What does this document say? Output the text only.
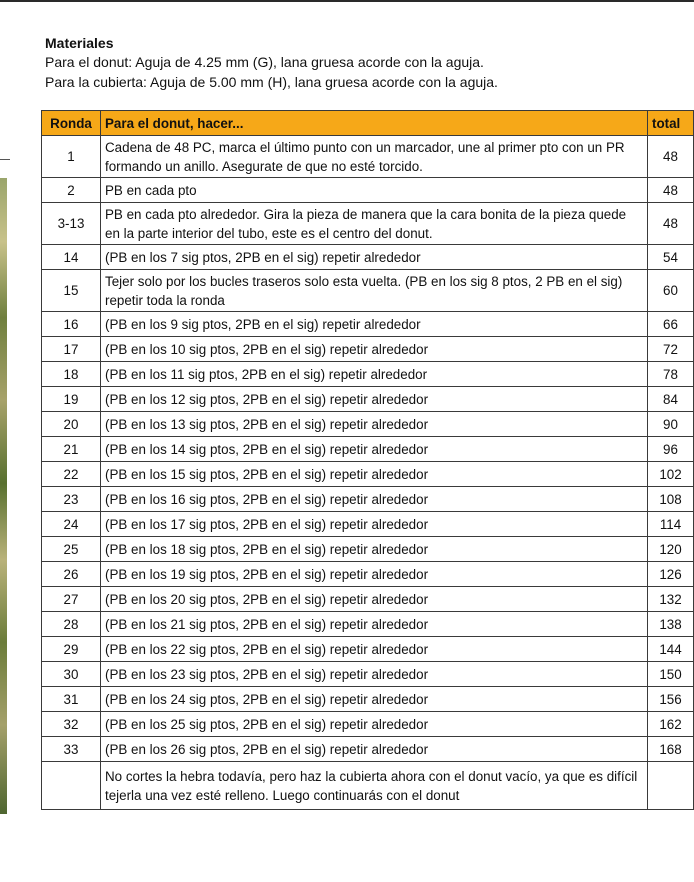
Materiales
Para el donut: Aguja de 4.25 mm (G), lana gruesa acorde con la aguja.
Para la cubierta: Aguja de 5.00 mm (H), lana gruesa acorde con la aguja.
Ronda	Para el donut, hacer...	total
1	Cadena de 48 PC, marca el último punto con un marcador, une al primer pto con un PR formando un anillo. Asegurate de que no esté torcido.	48
2	PB en cada pto	48
3-13	PB en cada pto alrededor. Gira la pieza de manera que la cara bonita de la pieza quede en la parte interior del tubo, este es el centro del donut.	48
14	(PB en los 7 sig ptos, 2PB en el sig) repetir alrededor	54
15	Tejer solo por los bucles traseros solo esta vuelta. (PB en los sig 8 ptos, 2 PB en el sig) repetir toda la ronda	60
16	(PB en los 9 sig ptos, 2PB en el sig) repetir alrededor	66
17	(PB en los 10 sig ptos, 2PB en el sig) repetir alrededor	72
18	(PB en los 11 sig ptos, 2PB en el sig) repetir alrededor	78
19	(PB en los 12 sig ptos, 2PB en el sig) repetir alrededor	84
20	(PB en los 13 sig ptos, 2PB en el sig) repetir alrededor	90
21	(PB en los 14 sig ptos, 2PB en el sig) repetir alrededor	96
22	(PB en los 15 sig ptos, 2PB en el sig) repetir alrededor	102
23	(PB en los 16 sig ptos, 2PB en el sig) repetir alrededor	108
24	(PB en los 17 sig ptos, 2PB en el sig) repetir alrededor	114
25	(PB en los 18 sig ptos, 2PB en el sig) repetir alrededor	120
26	(PB en los 19 sig ptos, 2PB en el sig) repetir alrededor	126
27	(PB en los 20 sig ptos, 2PB en el sig) repetir alrededor	132
28	(PB en los 21 sig ptos, 2PB en el sig) repetir alrededor	138
29	(PB en los 22 sig ptos, 2PB en el sig) repetir alrededor	144
30	(PB en los 23 sig ptos, 2PB en el sig) repetir alrededor	150
31	(PB en los 24 sig ptos, 2PB en el sig) repetir alrededor	156
32	(PB en los 25 sig ptos, 2PB en el sig) repetir alrededor	162
33	(PB en los 26 sig ptos, 2PB en el sig) repetir alrededor	168
	No cortes la hebra todavía, pero haz la cubierta ahora con el donut vacío, ya que es difícil tejerla una vez esté relleno. Luego continuarás con el donut	
